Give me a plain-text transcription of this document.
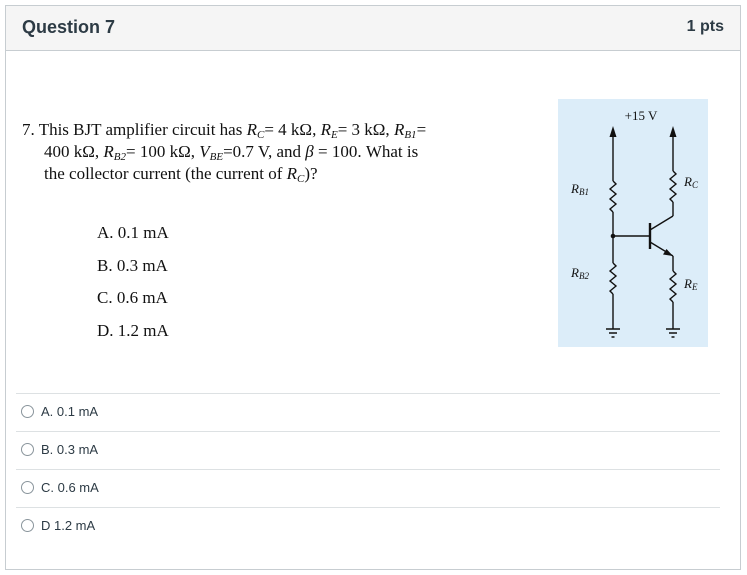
Question 7	1 pts
7. This BJT amplifier circuit has $R_C= 4$ kΩ, $R_E= 3$ kΩ, $R_{B1}=$
400 kΩ, $R_{B2}= 100$ kΩ, $V_{BE}=0.7$ V, and β = 100. What is
the collector current (the current of $R_C$)?
A. 0.1 mA
B. 0.3 mA
C. 0.6 mA
D. 1.2 mA
+15 V
RB1
RB2
RC
RE
A. 0.1 mA
B. 0.3 mA
C. 0.6 mA
D 1.2 mA
